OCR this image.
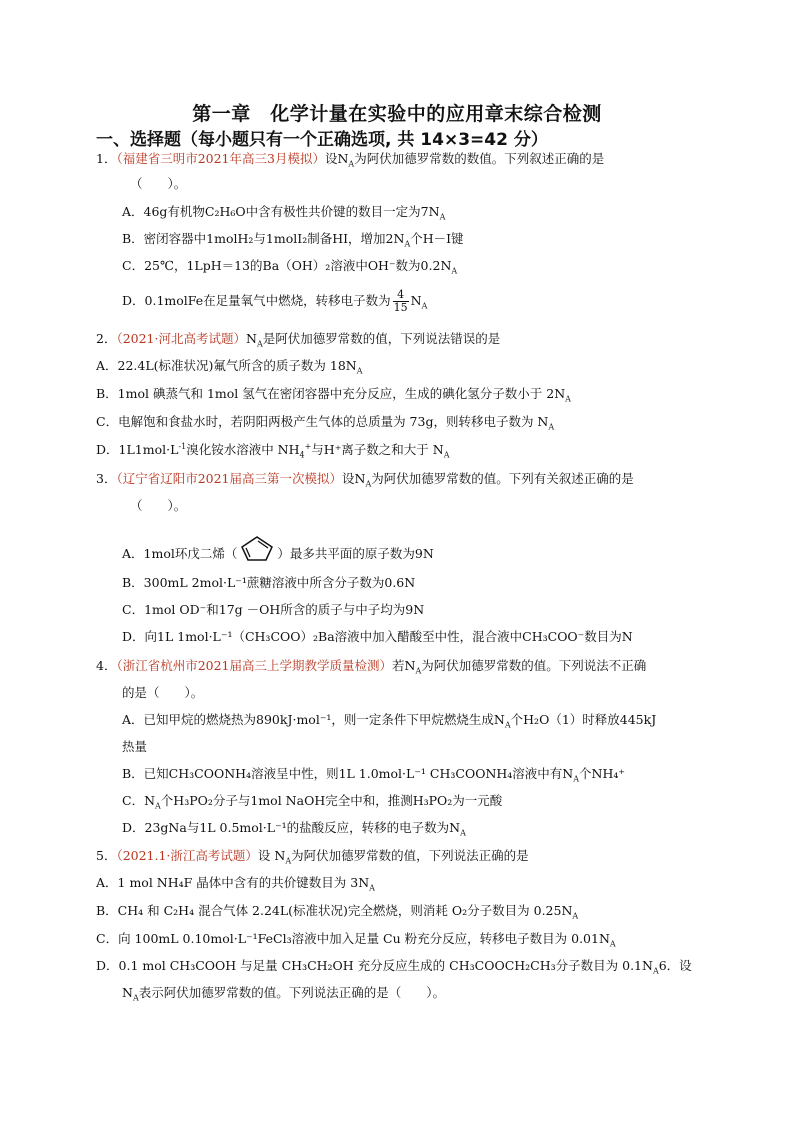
第一章　化学计量在实验中的应用章末综合检测
一、选择题（每小题只有一个正确选项, 共 14×3=42 分）
1．（福建省三明市2021年高三3月模拟）设$N_A$为阿伏加德罗常数的数值。下列叙述正确的是
（　　）。
A．46g有机物C₂H₆O中含有极性共价键的数目一定为$7N_A$
B．密闭容器中1molH₂与1molI₂制备HI，增加$2N_A$个H－I键
C．25℃，1LpH＝13的Ba（OH）₂溶液中OH⁻数为$0.2N_A$
D．0.1molFe在足量氧气中燃烧，转移电子数为 $\frac{4}{15} N_A$
2．（2021·河北高考试题）$N_A$是阿伏加德罗常数的值，下列说法错误的是
A．22.4L(标准状况)氟气所含的质子数为 $18N_A$
B．1mol 碘蒸气和 1mol 氢气在密闭容器中充分反应，生成的碘化氢分子数小于 $2N_A$
C．电解饱和食盐水时，若阴阳两极产生气体的总质量为 73g，则转移电子数为 $N_A$
D．$1L1mol\cdot L^{-1}$溴化铵水溶液中 $NH_4^+$与H⁺离子数之和大于 $N_A$
3．（辽宁省辽阳市2021届高三第一次模拟）设$N_A$为阿伏加德罗常数的值。下列有关叙述正确的是
（　　）。
A．1mol环戊二烯（	）最多共平面的原子数为9N
B．300mL 2mol·L⁻¹蔗糖溶液中所含分子数为0.6N
C．1mol OD⁻和17g －OH所含的质子与中子均为9N
D．向1L 1mol·L⁻¹（CH₃COO）₂Ba溶液中加入醋酸至中性，混合液中CH₃COO⁻数目为N
4．（浙江省杭州市2021届高三上学期教学质量检测）若$N_A$为阿伏加德罗常数的值。下列说法不正确
的是（　　）。
A．已知甲烷的燃烧热为890kJ·mol⁻¹，则一定条件下甲烷燃烧生成$N_A$个H₂O（1）时释放445kJ
热量
B．已知CH₃COONH₄溶液呈中性，则1L 1.0mol·L⁻¹ CH₃COONH₄溶液中有$N_A$个NH₄⁺
C．$N_A$个H₃PO₂分子与1mol NaOH完全中和，推测H₃PO₂为一元酸
D．23gNa与1L 0.5mol·L⁻¹的盐酸反应，转移的电子数为$N_A$
5．（2021.1·浙江高考试题）设 $N_A$为阿伏加德罗常数的值，下列说法正确的是
A．1 mol NH₄F 晶体中含有的共价键数目为 $3N_A$
B．CH₄ 和 C₂H₄ 混合气体 2.24L(标准状况)完全燃烧，则消耗 O₂分子数目为 $0.25N_A$
C．向 100mL 0.10mol·L⁻¹FeCl₃溶液中加入足量 Cu 粉充分反应，转移电子数目为 $0.01N_A$
D．0.1 mol CH₃COOH 与足量 CH₃CH₂OH 充分反应生成的 CH₃COOCH₂CH₃分子数目为 $0.1N_A6$．设
$N_A$表示阿伏加德罗常数的值。下列说法正确的是（　　）。
